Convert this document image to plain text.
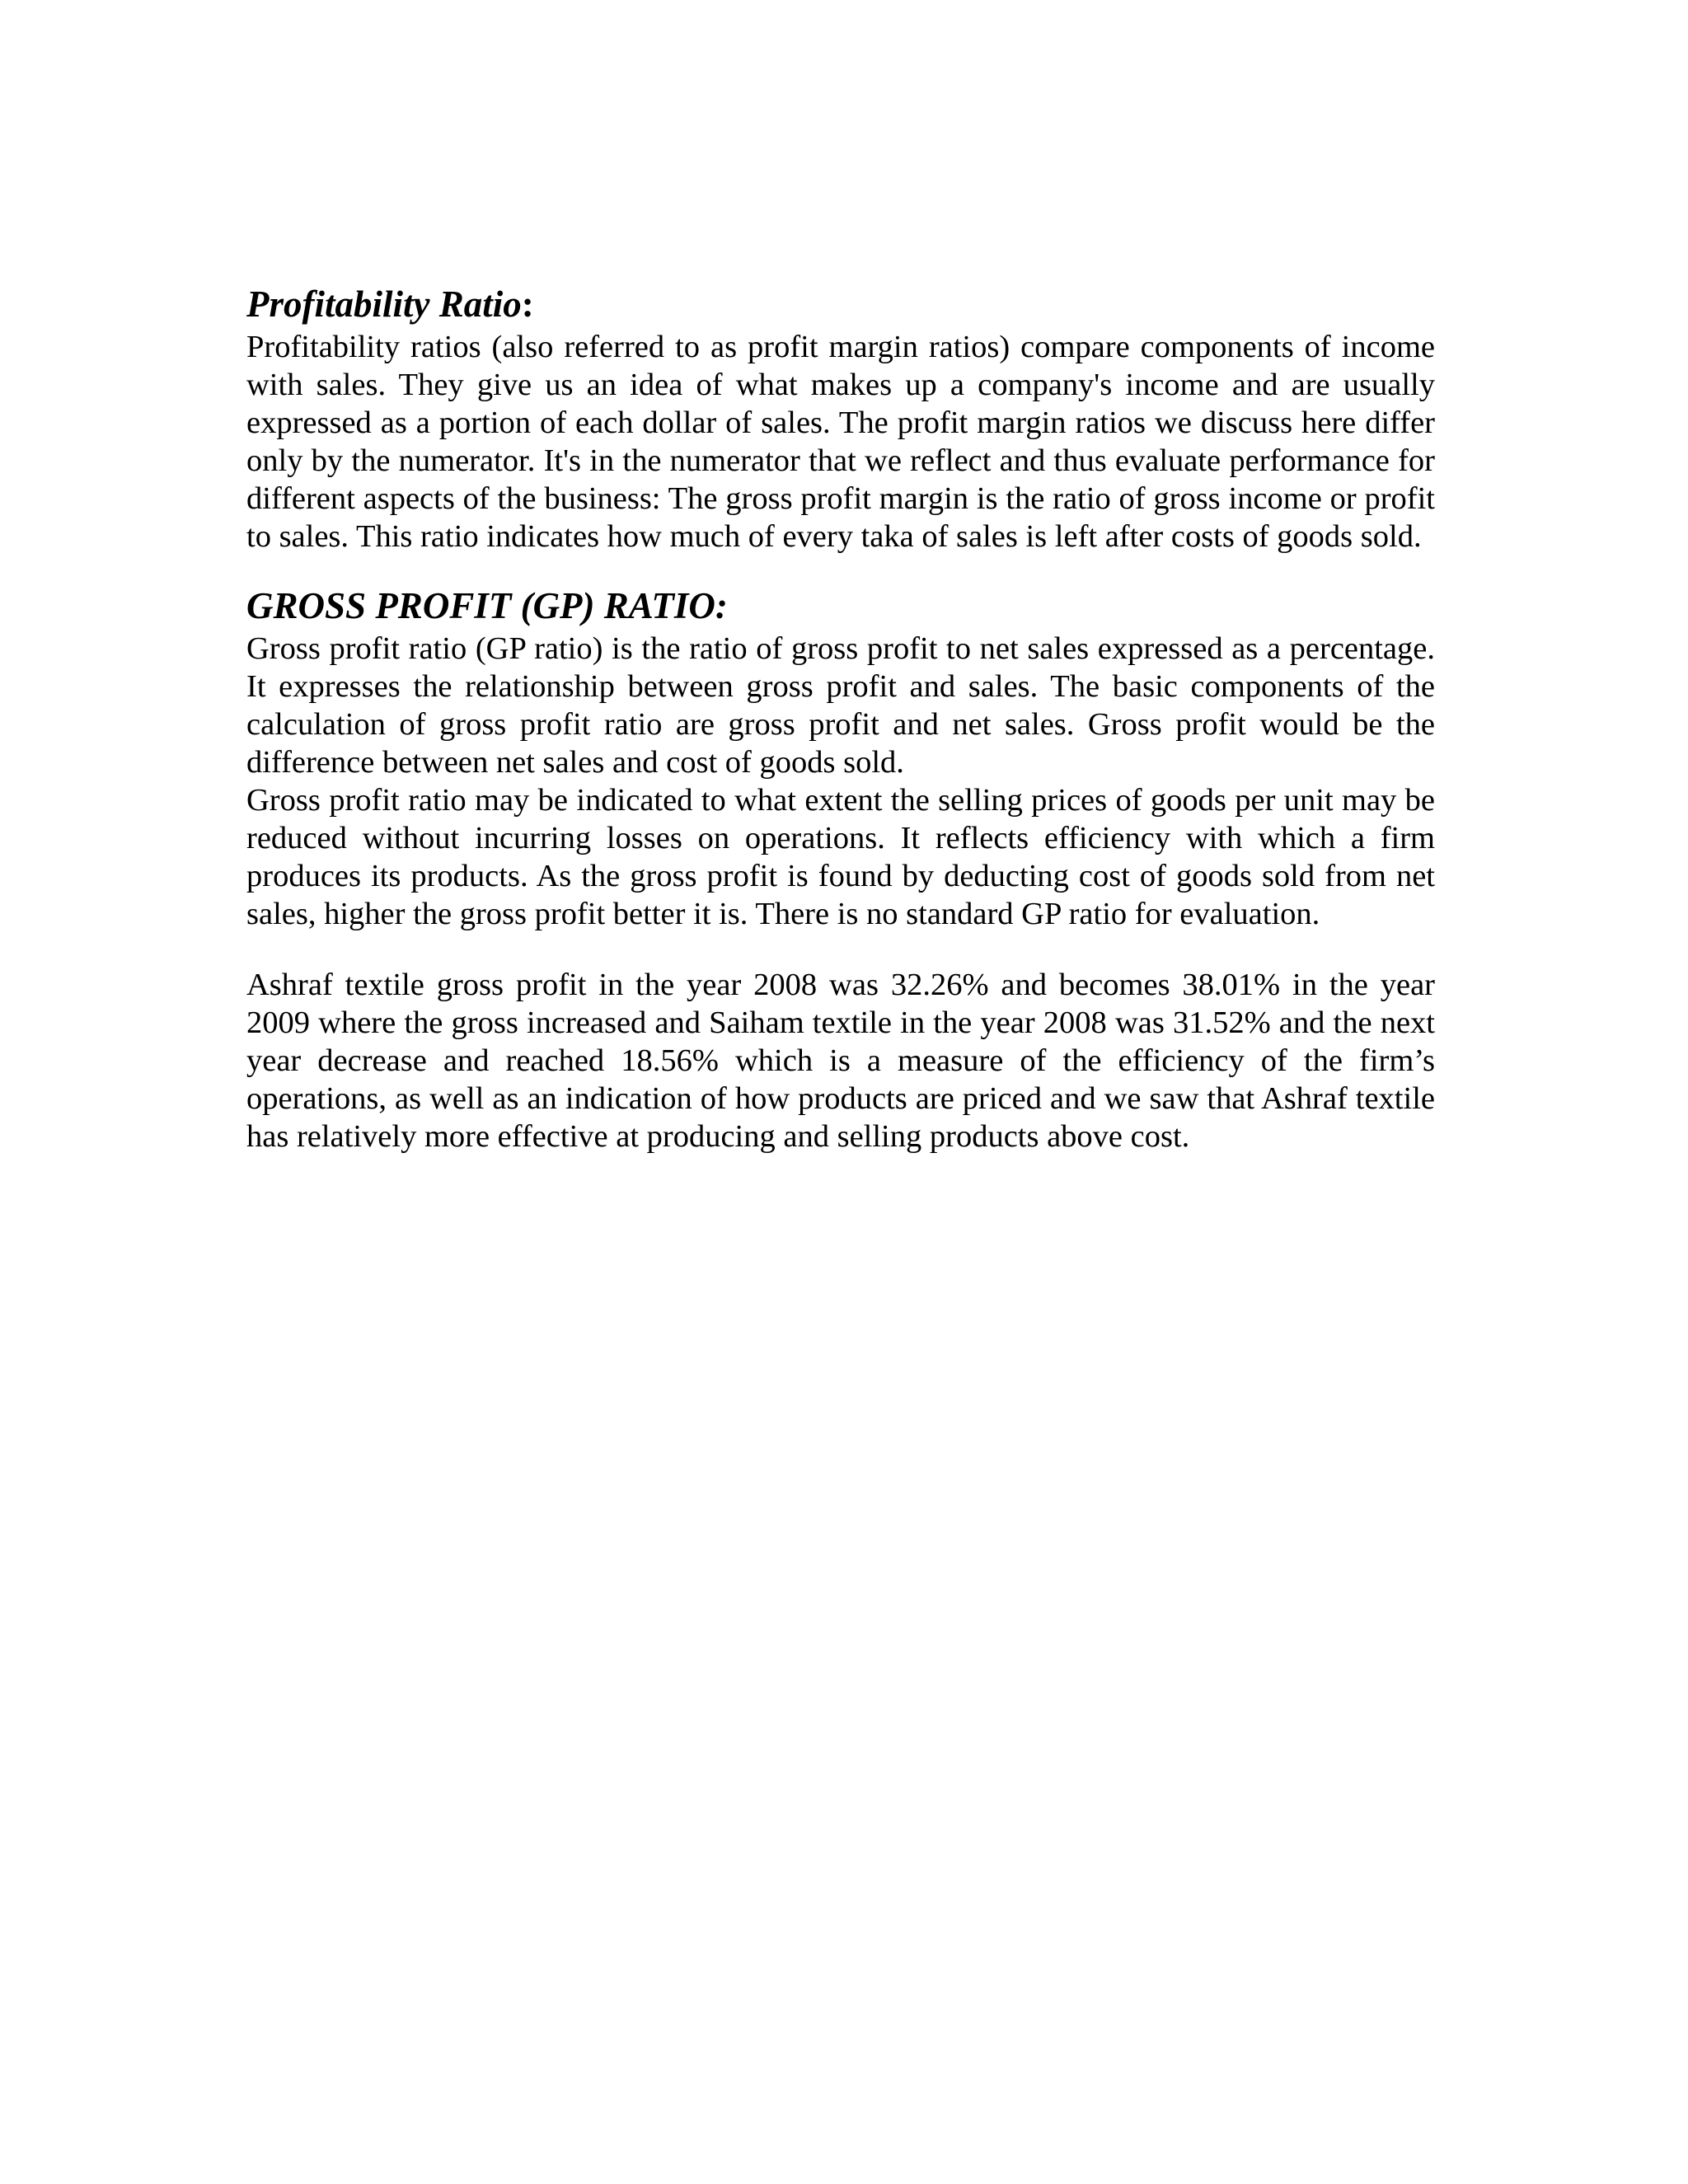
Profitability Ratio:

Profitability ratios (also referred to as profit margin ratios) compare components of income with sales. They give us an idea of what makes up a company's income and are usually expressed as a portion of each dollar of sales. The profit margin ratios we discuss here differ only by the numerator. It's in the numerator that we reflect and thus evaluate performance for different aspects of the business: The gross profit margin is the ratio of gross income or profit to sales. This ratio indicates how much of every taka of sales is left after costs of goods sold.

GROSS PROFIT (GP) RATIO:

Gross profit ratio (GP ratio) is the ratio of gross profit to net sales expressed as a percentage. It expresses the relationship between gross profit and sales. The basic components of the calculation of gross profit ratio are gross profit and net sales. Gross profit would be the difference between net sales and cost of goods sold.

Gross profit ratio may be indicated to what extent the selling prices of goods per unit may be reduced without incurring losses on operations. It reflects efficiency with which a firm produces its products. As the gross profit is found by deducting cost of goods sold from net sales, higher the gross profit better it is. There is no standard GP ratio for evaluation.

Ashraf textile gross profit in the year 2008 was 32.26% and becomes 38.01% in the year 2009 where the gross increased and Saiham textile in the year 2008 was 31.52% and the next year decrease and reached 18.56% which is a measure of the efficiency of the firm’s operations, as well as an indication of how products are priced and we saw that Ashraf textile has relatively more effective at producing and selling products above cost.
